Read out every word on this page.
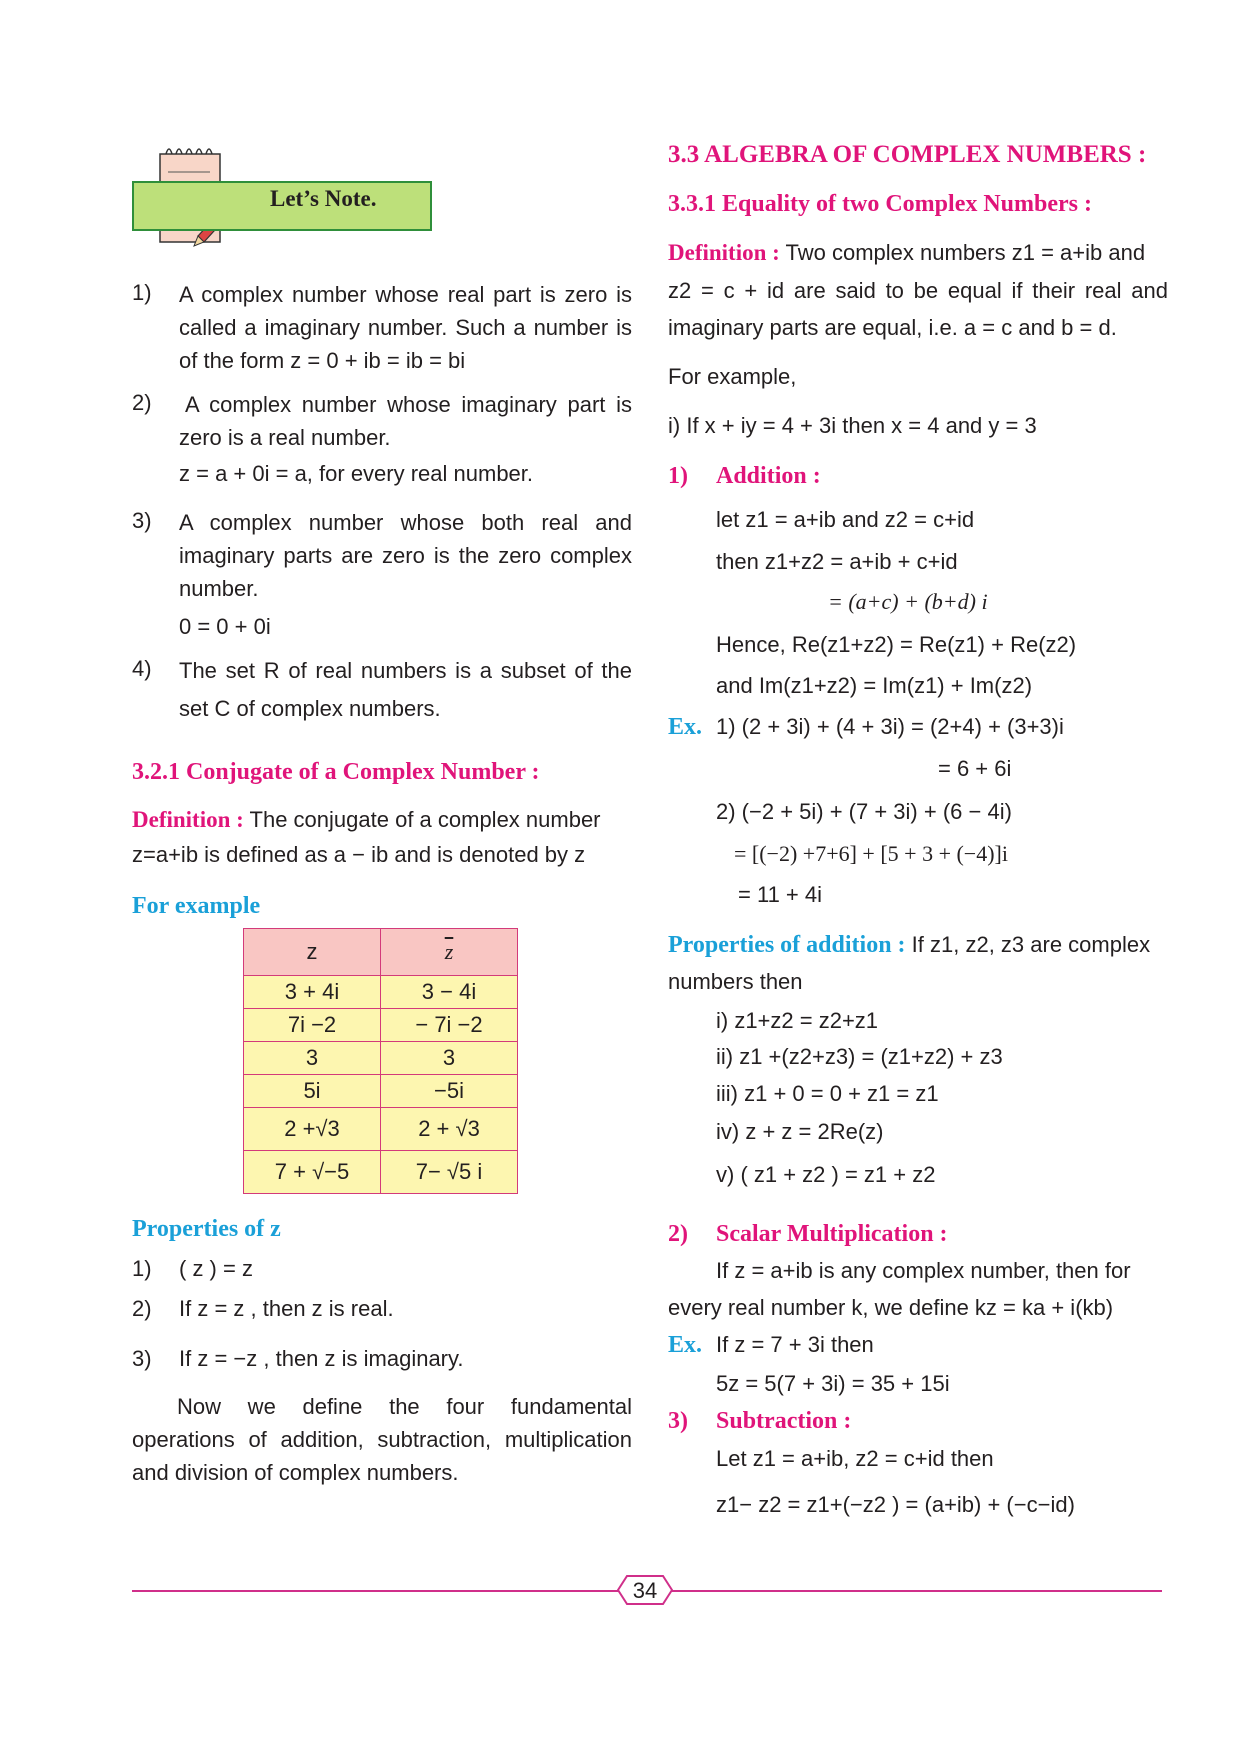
Let’s Note.
1) A complex number whose real part is zero is
called a imaginary number. Such a number is
of the form z = 0 + ib = ib = bi
2) A complex number whose imaginary part is
zero is a real number.
z = a + 0i = a, for every real number.
3) A complex number whose both real and
imaginary parts are zero is the zero complex
number.
0 = 0 + 0i
4) The set R of real numbers is a subset of the
set C of complex numbers.
3.2.1 Conjugate of a Complex Number :
Definition : The conjugate of a complex number
z=a+ib is defined as a − ib and is denoted by z
For example
z	$\overline{z}$
3 + 4i	3 − 4i
7i −2	− 7i −2
3	3
5i	−5i
2 +√3	2 + √3
7 + √−5	7− √5 i
Properties of z
1) ( z ) = z
2) If z = z , then z is real.
3) If z = −z , then z is imaginary.
Now we define the four fundamental
operations of addition, subtraction, multiplication
and division of complex numbers.
3.3 ALGEBRA OF COMPLEX NUMBERS :
3.3.1 Equality of two Complex Numbers :
Definition : Two complex numbers z1 = a+ib and
z2 = c + id are said to be equal if their real and
imaginary parts are equal, i.e. a = c and b = d.
For example,
i) If x + iy = 4 + 3i then x = 4 and y = 3
1) Addition :
let z1 = a+ib and z2 = c+id
then z1+z2 = a+ib + c+id
= (a+c) + (b+d) i
Hence, Re(z1+z2) = Re(z1) + Re(z2)
and Im(z1+z2) = Im(z1) + Im(z2)
Ex. 1) (2 + 3i) + (4 + 3i) = (2+4) + (3+3)i
= 6 + 6i
2) (−2 + 5i) + (7 + 3i) + (6 − 4i)
= [(−2) +7+6] + [5 + 3 + (−4)]i
= 11 + 4i
Properties of addition : If z1, z2, z3 are complex
numbers then
i) z1+z2 = z2+z1
ii) z1 +(z2+z3) = (z1+z2) + z3
iii) z1 + 0 = 0 + z1 = z1
iv) z + z = 2Re(z)
v) ( z1 + z2 ) = z1 + z2
2) Scalar Multiplication :
If z = a+ib is any complex number, then for
every real number k, we define kz = ka + i(kb)
Ex. If z = 7 + 3i then
5z = 5(7 + 3i) = 35 + 15i
3) Subtraction :
Let z1 = a+ib, z2 = c+id then
z1− z2 = z1+(−z2 ) = (a+ib) + (−c−id)
34
